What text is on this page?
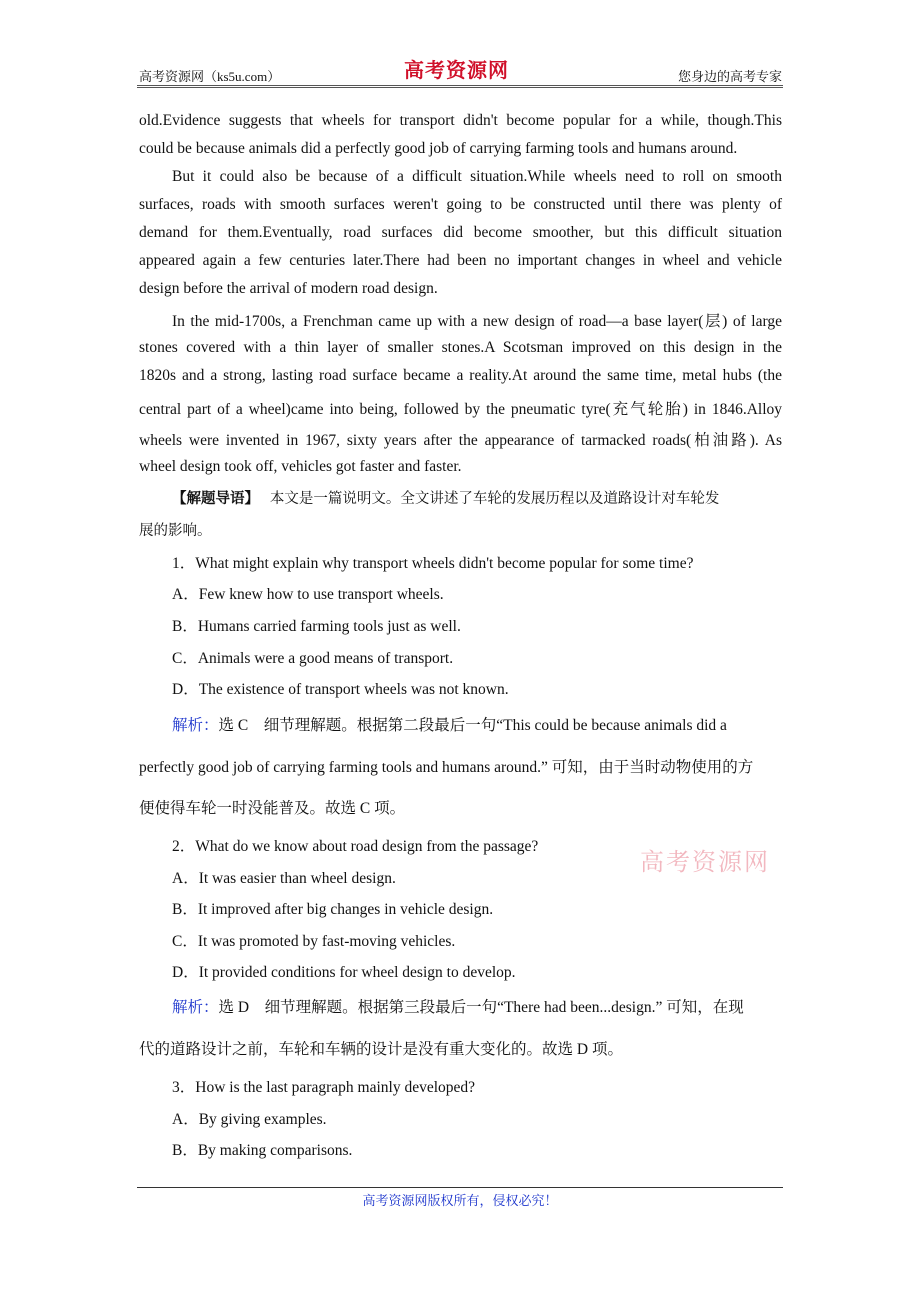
高考资源网（ks5u.com）	高考资源网	您身边的高考专家
old.Evidence suggests that wheels for transport didn't become popular for a while, though.This
could be because animals did a perfectly good job of carrying farming tools and humans around.
But it could also be because of a difficult situation.While wheels need to roll on smooth
surfaces, roads with smooth surfaces weren't going to be constructed until there was plenty of
demand for them.Eventually, road surfaces did become smoother, but this difficult situation
appeared again a few centuries later.There had been no important changes in wheel and vehicle
design before the arrival of modern road design.
In the mid-1700s, a Frenchman came up with a new design of road—a base layer(层) of large
stones covered with a thin layer of smaller stones.A Scotsman improved on this design in the
1820s and a strong, lasting road surface became a reality.At around the same time, metal hubs (the
central part of a wheel)came into being, followed by the pneumatic tyre(充气轮胎) in 1846.Alloy
wheels were invented in 1967, sixty years after the appearance of tarmacked roads(柏油路). As
wheel design took off, vehicles got faster and faster.
【解题导语】 本文是一篇说明文。全文讲述了车轮的发展历程以及道路设计对车轮发
展的影响。
1．What might explain why transport wheels didn't become popular for some time?
A．Few knew how to use transport wheels.
B．Humans carried farming tools just as well.
C．Animals were a good means of transport.
D．The existence of transport wheels was not known.
解析：选 C　细节理解题。根据第二段最后一句“This could be because animals did a
perfectly good job of carrying farming tools and humans around.” 可知，由于当时动物使用的方
便使得车轮一时没能普及。故选 C 项。
2．What do we know about road design from the passage?
高考资源网
A．It was easier than wheel design.
B．It improved after big changes in vehicle design.
C．It was promoted by fast-moving vehicles.
D．It provided conditions for wheel design to develop.
解析：选 D　细节理解题。根据第三段最后一句“There had been...design.” 可知，在现
代的道路设计之前，车轮和车辆的设计是没有重大变化的。故选 D 项。
3．How is the last paragraph mainly developed?
A．By giving examples.
B．By making comparisons.
高考资源网版权所有，侵权必究！
